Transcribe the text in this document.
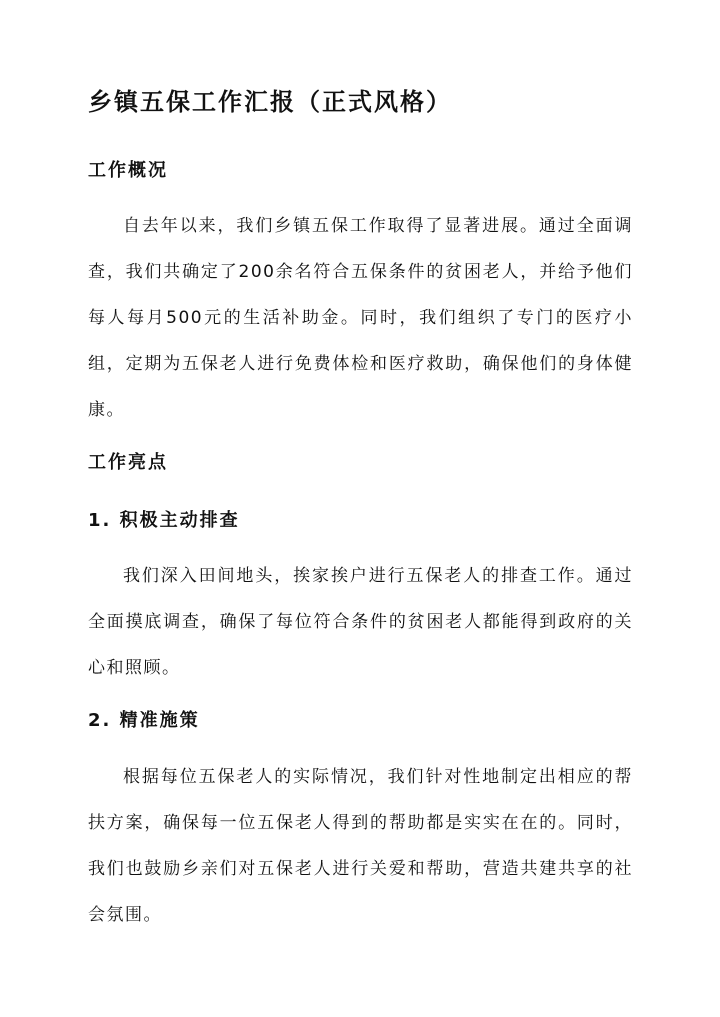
乡镇五保工作汇报（正式风格）
工作概况

自去年以来，我们乡镇五保工作取得了显著进展。通过全面调查，我们共确定了200余名符合五保条件的贫困老人，并给予他们每人每月500元的生活补助金。同时，我们组织了专门的医疗小组，定期为五保老人进行免费体检和医疗救助，确保他们的身体健康。

工作亮点
1. 积极主动排查

我们深入田间地头，挨家挨户进行五保老人的排查工作。通过全面摸底调查，确保了每位符合条件的贫困老人都能得到政府的关心和照顾。

2. 精准施策

根据每位五保老人的实际情况，我们针对性地制定出相应的帮扶方案，确保每一位五保老人得到的帮助都是实实在在的。同时，我们也鼓励乡亲们对五保老人进行关爱和帮助，营造共建共享的社会氛围。
